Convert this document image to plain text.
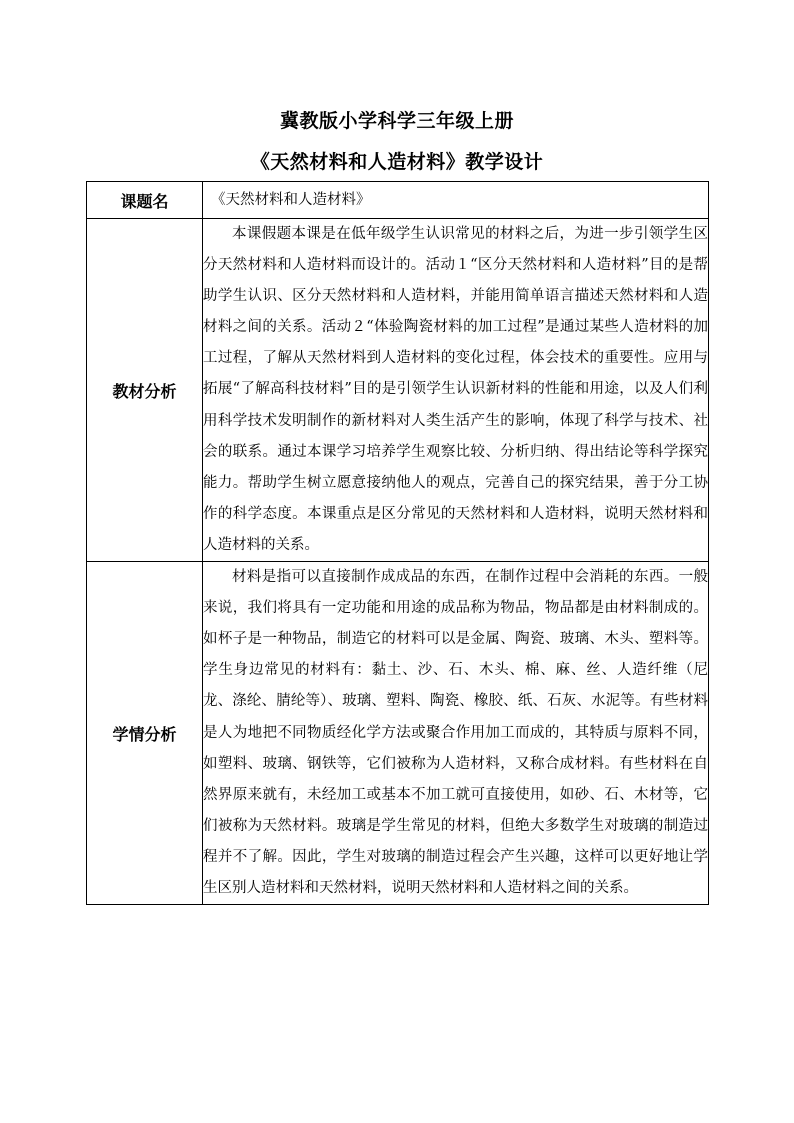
冀教版小学科学三年级上册
《天然材料和人造材料》教学设计
课题名	《天然材料和人造材料》
教材分析	本课假题本课是在低年级学生认识常见的材料之后，为进一步引领学生区分天然材料和人造材料而设计的。活动１“区分天然材料和人造材料”目的是帮助学生认识、区分天然材料和人造材料，并能用简单语言描述天然材料和人造材料之间的关系。活动２“体验陶瓷材料的加工过程”是通过某些人造材料的加工过程，了解从天然材料到人造材料的变化过程，体会技术的重要性。应用与拓展“了解高科技材料”目的是引领学生认识新材料的性能和用途，以及人们利用科学技术发明制作的新材料对人类生活产生的影响，体现了科学与技术、社会的联系。通过本课学习培养学生观察比较、分析归纳、得出结论等科学探究能力。帮助学生树立愿意接纳他人的观点，完善自己的探究结果，善于分工协作的科学态度。本课重点是区分常见的天然材料和人造材料，说明天然材料和人造材料的关系。

学情分析	材料是指可以直接制作成成品的东西，在制作过程中会消耗的东西。一般来说，我们将具有一定功能和用途的成品称为物品，物品都是由材料制成的。如杯子是一种物品，制造它的材料可以是金属、陶瓷、玻璃、木头、塑料等。学生身边常见的材料有：黏土、沙、石、木头、棉、麻、丝、人造纤维（尼龙、涤纶、腈纶等）、玻璃、塑料、陶瓷、橡胶、纸、石灰、水泥等。有些材料是人为地把不同物质经化学方法或聚合作用加工而成的，其特质与原料不同，如塑料、玻璃、钢铁等，它们被称为人造材料，又称合成材料。有些材料在自然界原来就有，未经加工或基本不加工就可直接使用，如砂、石、木材等，它们被称为天然材料。玻璃是学生常见的材料，但绝大多数学生对玻璃的制造过程并不了解。因此，学生对玻璃的制造过程会产生兴趣，这样可以更好地让学生区别人造材料和天然材料，说明天然材料和人造材料之间的关系。
